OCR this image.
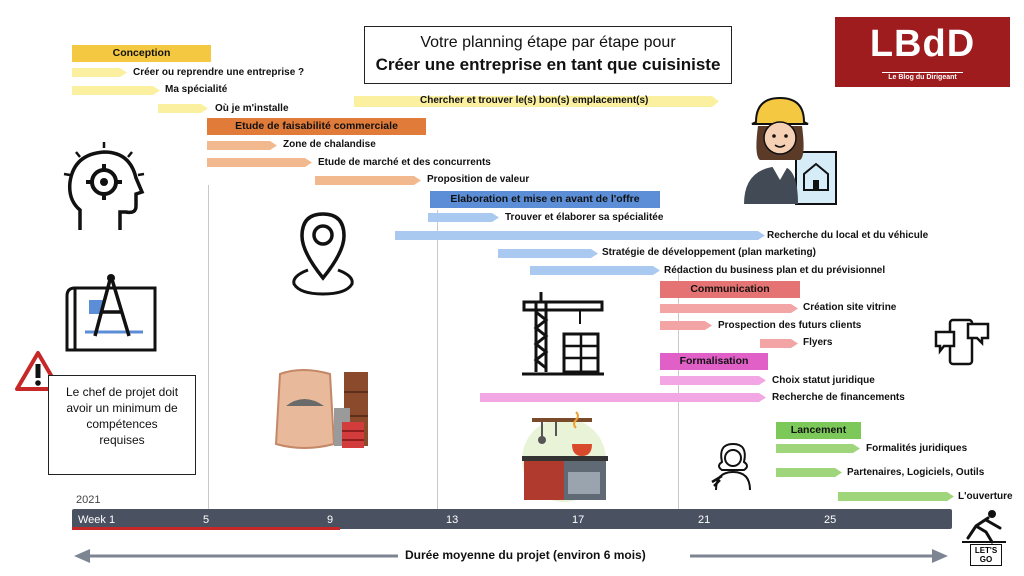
Votre planning étape par étape pour
Créer une entreprise en tant que cuisiniste	LBdD
Le Blog du Dirigeant
Conception
Créer ou reprendre une entreprise ?
Ma spécialité
Où je m'installe
Chercher et trouver le(s) bon(s) emplacement(s)
Etude de faisabilité commerciale
Zone de chalandise
Etude de marché et des concurrents
Proposition de valeur
Elaboration et mise en avant de l'offre
Trouver et élaborer sa spécialitée
Recherche du local et du véhicule
Stratégie de développement (plan marketing)
Rédaction du business plan et du prévisionnel
Communication
Création site vitrine
Prospection des futurs clients
Flyers
Formalisation
Choix statut juridique
Recherche de financements
Lancement
Formalités juridiques
Partenaires, Logiciels, Outils
L'ouverture
Le chef de projet doit avoir un minimum de compétences requises
2021
Week 1	5	9	13	17	21	25
Durée moyenne du projet (environ 6 mois)	LET'S GO
